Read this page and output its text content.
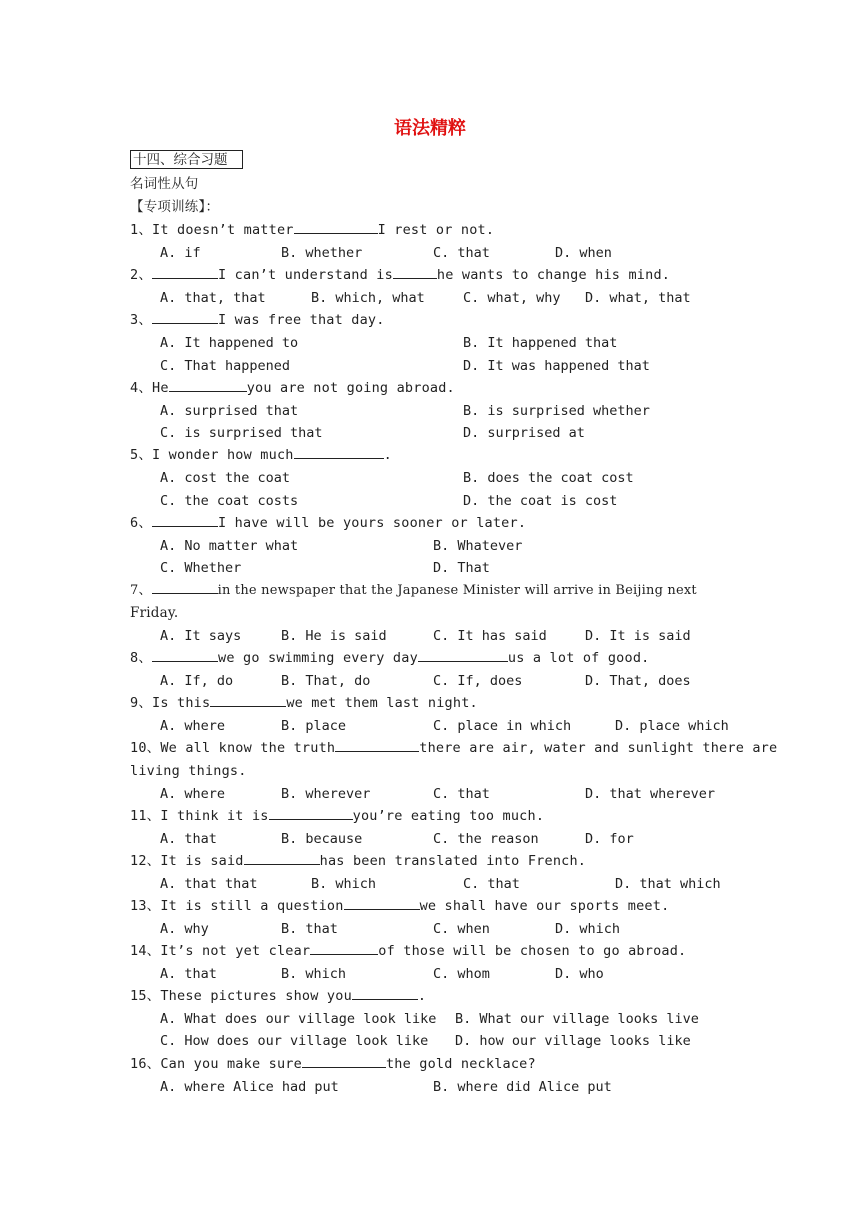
语法精粹
十四、综合习题
名词性从句
【专项训练】：
1、It doesn’t matter	I rest or not.
A. if	B. whether	C. that	D. when
2、	I can’t understand is	he wants to change his mind.
A. that, that	B. which, what	C. what, why D. what, that
3、	I was free that day.
A. It happened to	B. It happened that
C. That happened	D. It was happened that
4、He	you are not going abroad.
A. surprised that	B. is surprised whether
C. is surprised that	D. surprised at
5、I wonder how much	.
A. cost the coat	B. does the coat cost
C. the coat costs	D. the coat is cost
6、	I have will be yours sooner or later.
A. No matter what	B. Whatever
C. Whether	D. That
7、	in the newspaper that the Japanese Minister will arrive in Beijing next
Friday.
A. It says	B. He is said	C. It has said	D. It is said
8、	we go swimming every day	us a lot of good.
A. If, do	B. That, do	C. If, does	D. That, does
9、Is this	we met them last night.
A. where	B. place	C. place in which	D. place which
10、We all know the truth	there are air, water and sunlight there are
living things.
A. where	B. wherever	C. that	D. that wherever
11、I think it is	you’re eating too much.
A. that	B. because	C. the reason	D. for
12、It is said	has been translated into French.
A. that that	B. which	C. that	D. that which
13、It is still a question	we shall have our sports meet.
A. why	B. that	C. when	D. which
14、It’s not yet clear	of those will be chosen to go abroad.
A. that	B. which	C. whom	D. who
15、These pictures show you	.
A. What does our village look like B. What our village looks live
C. How does our village look like D. how our village looks like
16、Can you make sure	the gold necklace?
A. where Alice had put	B. where did Alice put
